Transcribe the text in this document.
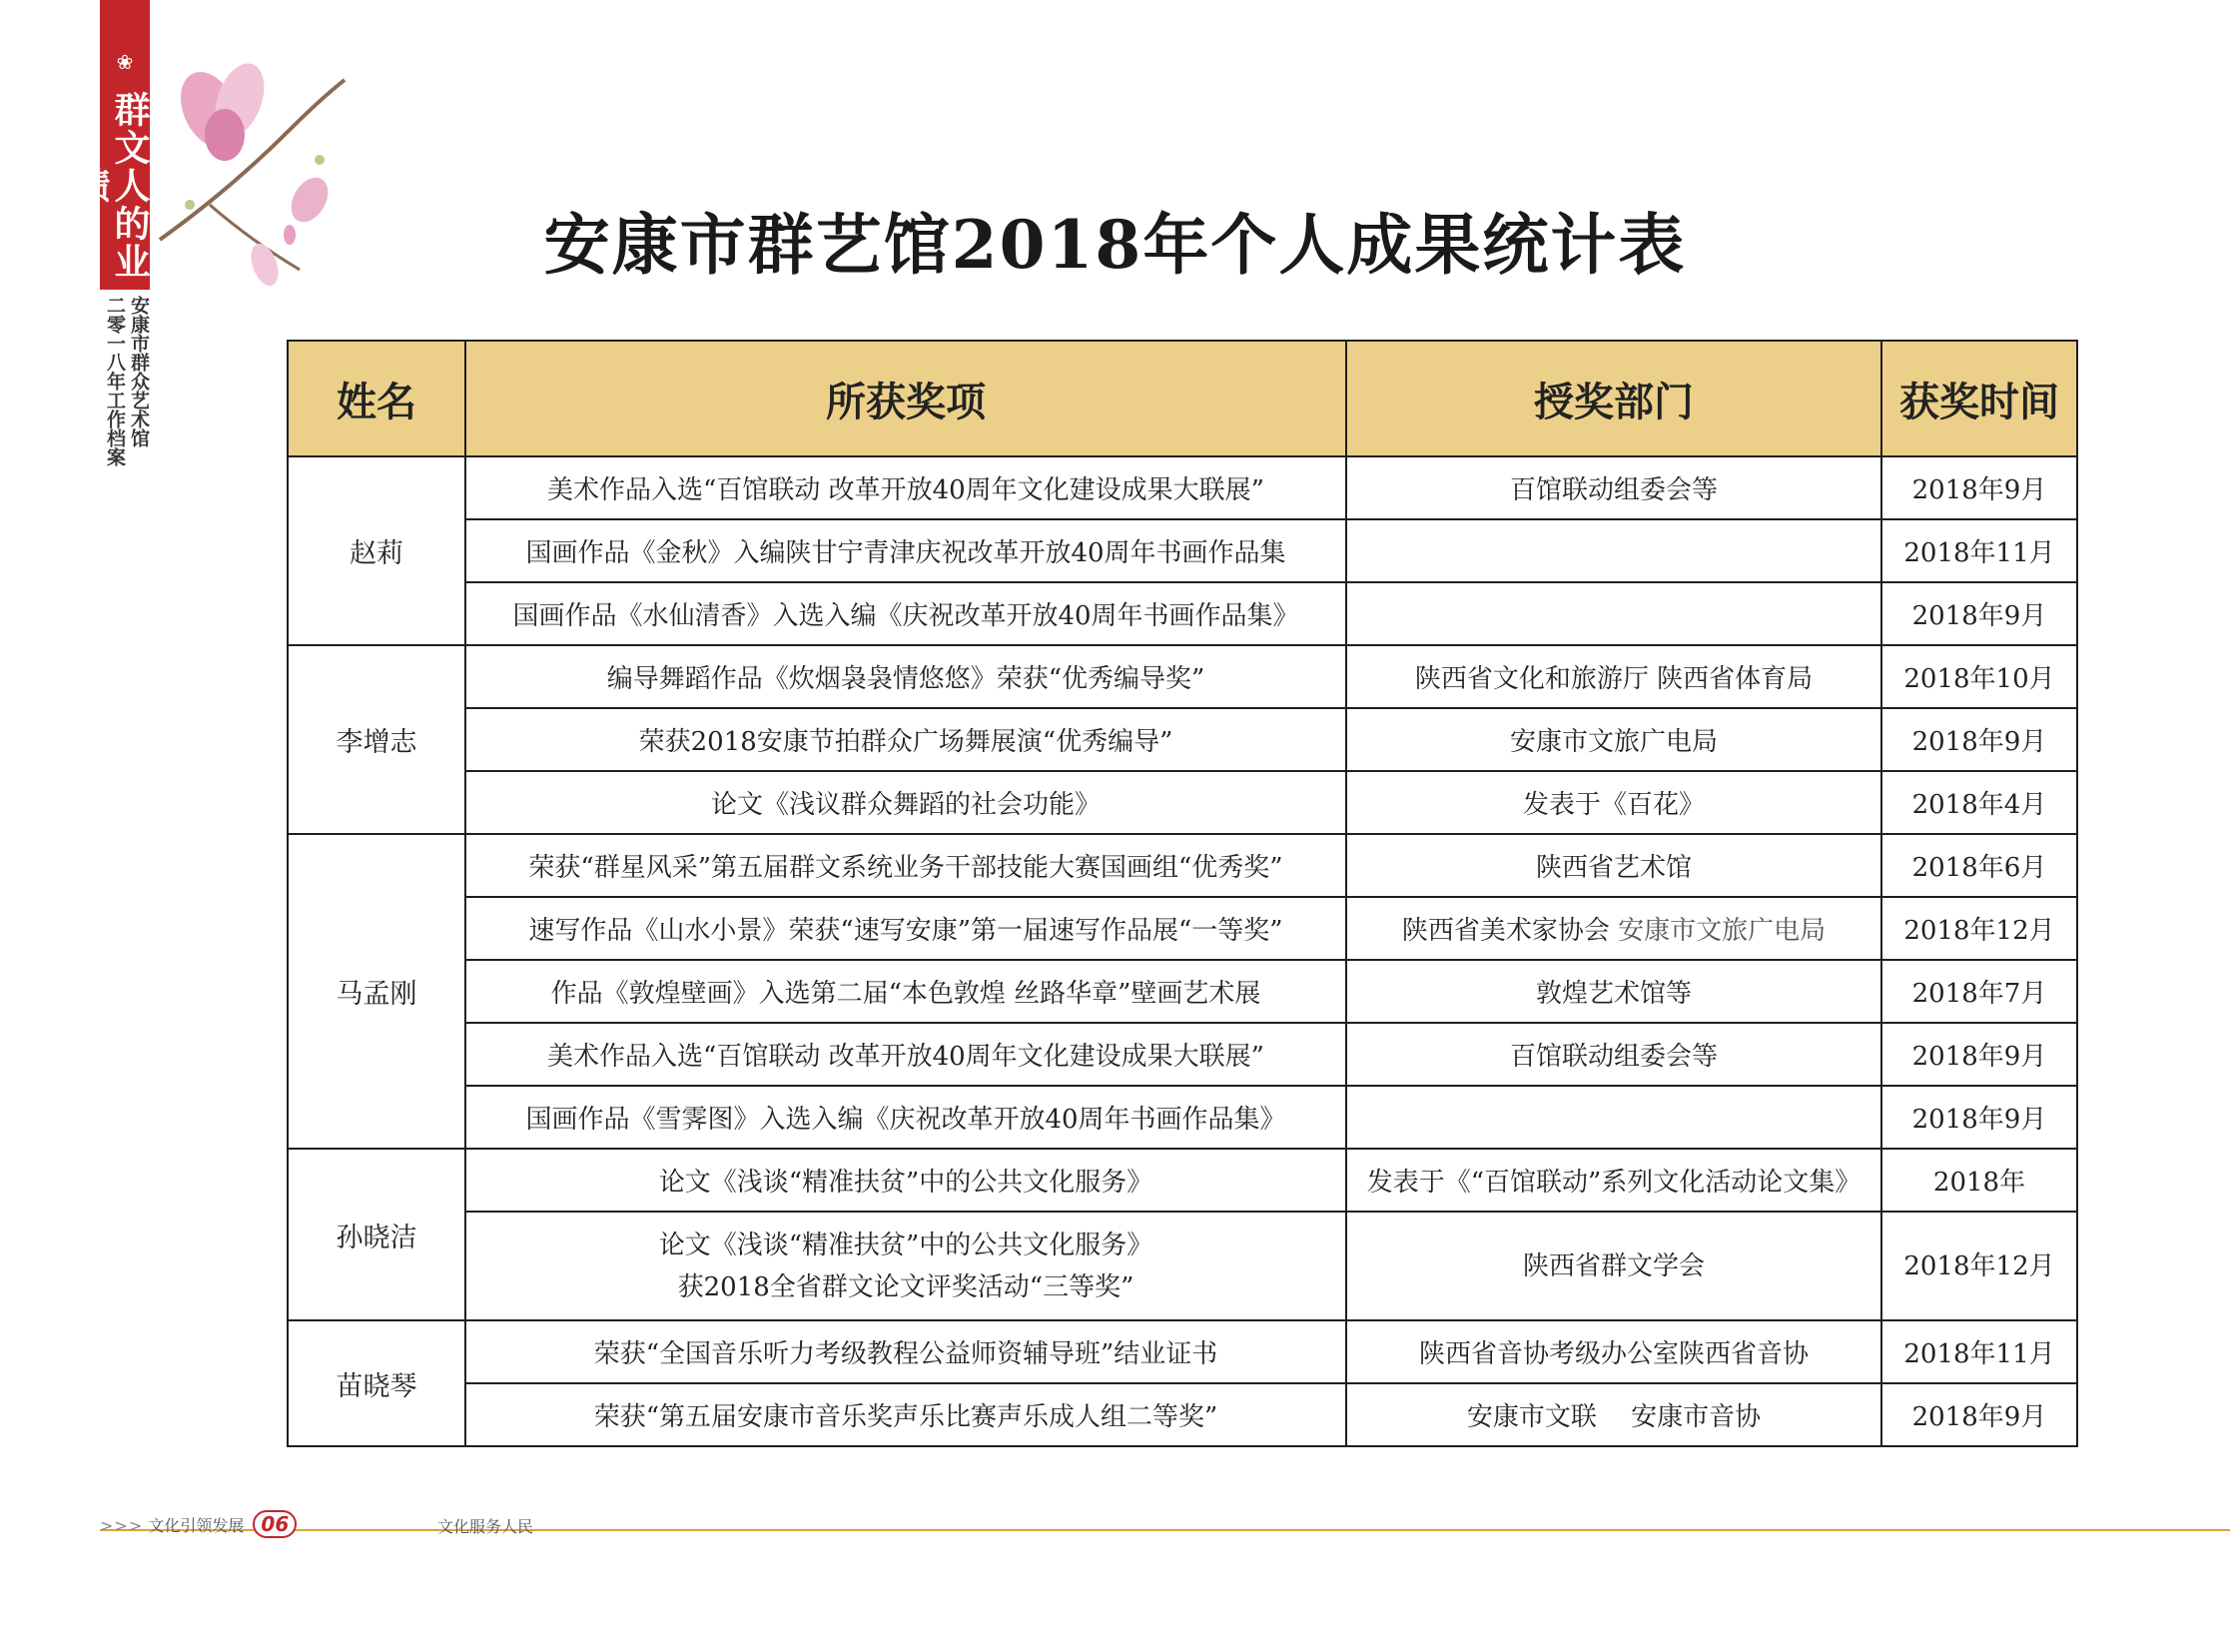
❀
群文人的业绩
二零一八年工作档案 安康市群众艺术馆
安康市群艺馆2018年个人成果统计表
姓名	所获奖项	授奖部门	获奖时间
赵莉	美术作品入选“百馆联动 改革开放40周年文化建设成果大联展”	百馆联动组委会等	2018年9月
	国画作品《金秋》入编陕甘宁青津庆祝改革开放40周年书画作品集		2018年11月
	国画作品《水仙清香》入选入编《庆祝改革开放40周年书画作品集》		2018年9月
李增志	编导舞蹈作品《炊烟袅袅情悠悠》荣获“优秀编导奖”	陕西省文化和旅游厅 陕西省体育局	2018年10月
	荣获2018安康节拍群众广场舞展演“优秀编导”	安康市文旅广电局	2018年9月
	论文《浅议群众舞蹈的社会功能》	发表于《百花》	2018年4月
马孟刚	荣获“群星风采”第五届群文系统业务干部技能大赛国画组“优秀奖”	陕西省艺术馆	2018年6月
	速写作品《山水小景》荣获“速写安康”第一届速写作品展“一等奖”	陕西省美术家协会 安康市文旅广电局	2018年12月
	作品《敦煌壁画》入选第二届“本色敦煌 丝路华章”壁画艺术展	敦煌艺术馆等	2018年7月
	美术作品入选“百馆联动 改革开放40周年文化建设成果大联展”	百馆联动组委会等	2018年9月
	国画作品《雪霁图》入选入编《庆祝改革开放40周年书画作品集》		2018年9月
孙晓洁	论文《浅谈“精准扶贫”中的公共文化服务》	发表于《“百馆联动”系列文化活动论文集》	2018年

	论文《浅谈“精准扶贫”中的公共文化服务》
获2018全省群文论文评奖活动“三等奖”	陕西省群文学会	2018年12月
苗晓琴	荣获“全国音乐听力考级教程公益师资辅导班”结业证书	陕西省音协考级办公室陕西省音协	2018年11月
	荣获“第五届安康市音乐奖声乐比赛声乐成人组二等奖”	安康市文联　 安康市音协	2018年9月
>>> 文化引领发展 06	文化服务人民
